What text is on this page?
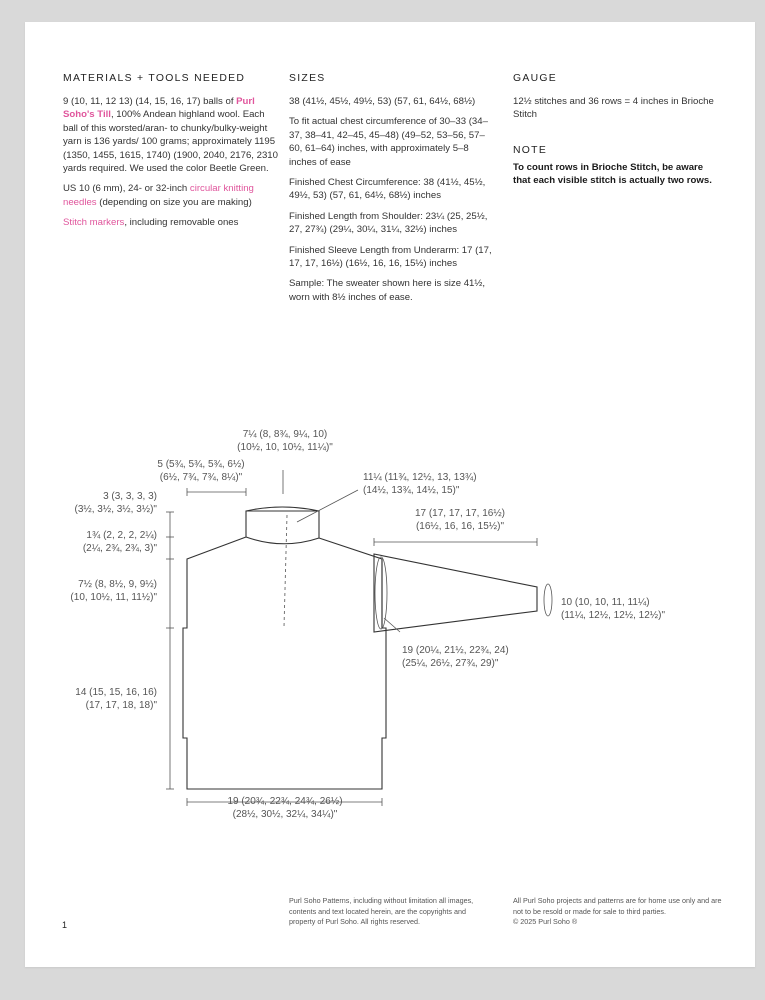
MATERIALS + TOOLS NEEDED
9 (10, 11, 12 13) (14, 15, 16, 17) balls of Purl Soho's Till, 100% Andean highland wool. Each ball of this worsted/aran- to chunky/bulky-weight yarn is 136 yards/ 100 grams; approximately 1195 (1350, 1455, 1615, 1740) (1900, 2040, 2176, 2310 yards required. We used the color Beetle Green.
US 10 (6 mm), 24- or 32-inch circular knitting needles (depending on size you are making)
Stitch markers, including removable ones
SIZES
38 (41½, 45½, 49½, 53) (57, 61, 64½, 68½)
To fit actual chest circumference of 30–33 (34–37, 38–41, 42–45, 45–48) (49–52, 53–56, 57–60, 61–64) inches, with approximately 5–8 inches of ease
Finished Chest Circumference: 38 (41½, 45½, 49½, 53) (57, 61, 64½, 68½) inches
Finished Length from Shoulder: 23¼ (25, 25½, 27, 27¾) (29¼, 30¼, 31¼, 32½) inches
Finished Sleeve Length from Underarm: 17 (17, 17, 17, 16½) (16½, 16, 16, 15½) inches
Sample: The sweater shown here is size 41½, worn with 8½ inches of ease.
GAUGE
12½ stitches and 36 rows = 4 inches in Brioche Stitch
NOTE
To count rows in Brioche Stitch, be aware that each visible stitch is actually two rows.
7¼ (8, 8¾, 9¼, 10)
(10½, 10, 10½, 11¼)"
5 (5¾, 5¾, 5¾, 6½)
(6½, 7¾, 7¾, 8¼)"
3 (3, 3, 3, 3)
(3½, 3½, 3½, 3½)"
1¾ (2, 2, 2, 2¼)
(2¼, 2¾, 2¾, 3)"
7½ (8, 8½, 9, 9½)
(10, 10½, 11, 11½)"
14 (15, 15, 16, 16)
(17, 17, 18, 18)"
19 (20¾, 22¾, 24¾, 26½)
(28½, 30½, 32¼, 34¼)"
11¼ (11¾, 12½, 13, 13¾)
(14½, 13¾, 14½, 15)"
17 (17, 17, 17, 16½)
(16½, 16, 16, 15½)"
19 (20¼, 21½, 22¾, 24)
(25¼, 26½, 27¾, 29)"
10 (10, 10, 11, 11¼)
(11¼, 12½, 12½, 12½)"
1
Purl Soho Patterns, including without limitation all images, contents and text located herein, are the copyrights and property of Purl Soho. All rights reserved.
All Purl Soho projects and patterns are for home use only and are not to be resold or made for sale to third parties.
© 2025 Purl Soho ®
